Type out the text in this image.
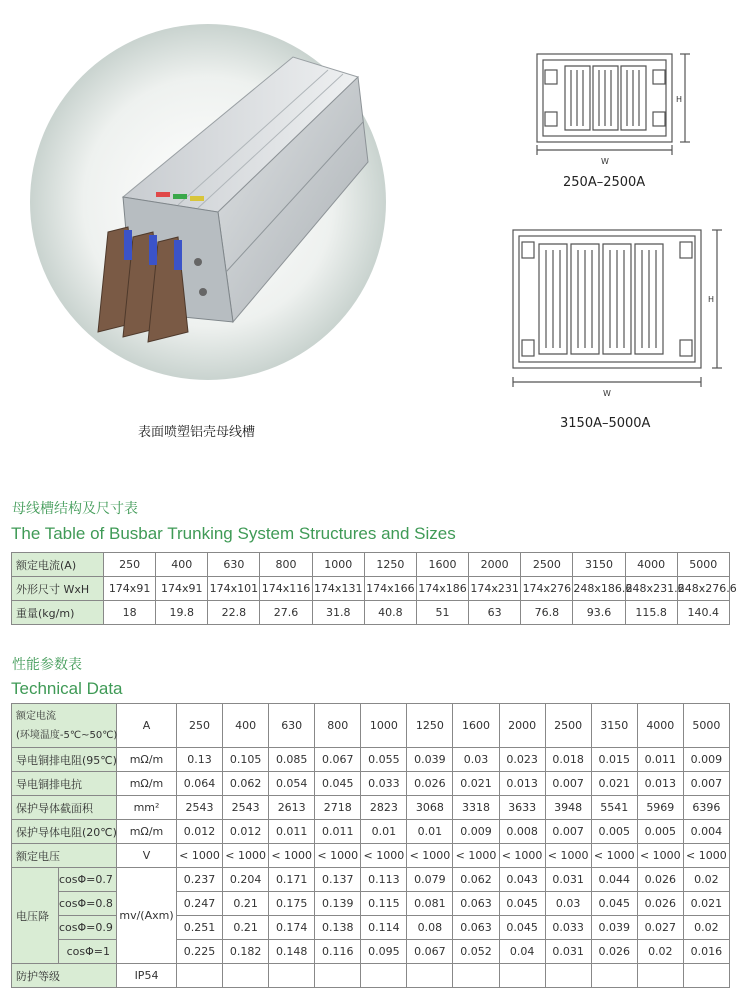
表面喷塑铝壳母线槽
W
H
250A–2500A
W
H
3150A–5000A
母线槽结构及尺寸表
The Table of Busbar Trunking System Structures and Sizes
额定电流(A)	250	400	630	800	1000	1250	1600	2000	2500	3150	4000	5000
外形尺寸 WxH	174x91	174x91	174x101	174x116	174x131	174x166	174x186	174x231	174x276	248x186.6	248x231.6	248x276.6
重量(kg/m)	18	19.8	22.8	27.6	31.8	40.8	51	63	76.8	93.6	115.8	140.4
性能参数表
Technical Data
额定电流
(环境温度-5℃~50℃)		A	250	400	630	800	1000	1250	1600	2000	2500	3150	4000	5000
导电铜排电阻(95℃)		mΩ/m	0.13	0.105	0.085	0.067	0.055	0.039	0.03	0.023	0.018	0.015	0.011	0.009
导电铜排电抗		mΩ/m	0.064	0.062	0.054	0.045	0.033	0.026	0.021	0.013	0.007	0.021	0.013	0.007
保护导体截面积		mm²	2543	2543	2613	2718	2823	3068	3318	3633	3948	5541	5969	6396
保护导体电阻(20℃)		mΩ/m	0.012	0.012	0.011	0.011	0.01	0.01	0.009	0.008	0.007	0.005	0.005	0.004
额定电压		V	< 1000	< 1000	< 1000	< 1000	< 1000	< 1000	< 1000	< 1000	< 1000	< 1000	< 1000	< 1000
电压降	cosΦ=0.7	mv/(Axm)	0.237	0.204	0.171	0.137	0.113	0.079	0.062	0.043	0.031	0.044	0.026	0.02
	cosΦ=0.8		0.247	0.21	0.175	0.139	0.115	0.081	0.063	0.045	0.03	0.045	0.026	0.021
	cosΦ=0.9		0.251	0.21	0.174	0.138	0.114	0.08	0.063	0.045	0.033	0.039	0.027	0.02
	cosΦ=1		0.225	0.182	0.148	0.116	0.095	0.067	0.052	0.04	0.031	0.026	0.02	0.016
防护等级		IP54												
